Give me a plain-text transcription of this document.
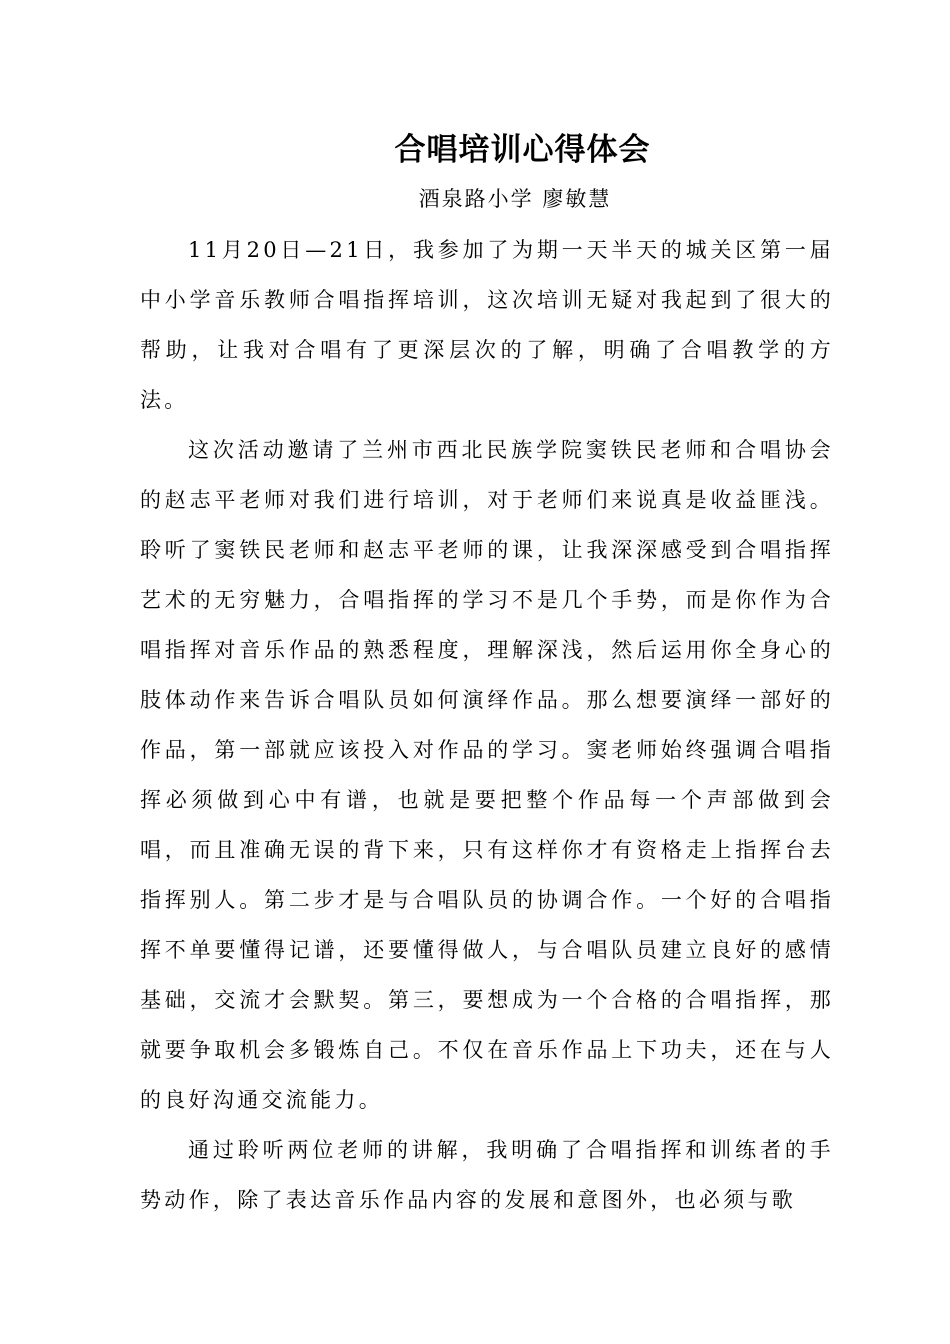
合唱培训心得体会
酒泉路小学 廖敏慧

11月20日—21日，我参加了为期一天半天的城关区第一届中小学音乐教师合唱指挥培训，这次培训无疑对我起到了很大的帮助，让我对合唱有了更深层次的了解，明确了合唱教学的方法。

这次活动邀请了兰州市西北民族学院窦铁民老师和合唱协会的赵志平老师对我们进行培训，对于老师们来说真是收益匪浅。聆听了窦铁民老师和赵志平老师的课，让我深深感受到合唱指挥艺术的无穷魅力，合唱指挥的学习不是几个手势，而是你作为合唱指挥对音乐作品的熟悉程度，理解深浅，然后运用你全身心的肢体动作来告诉合唱队员如何演绎作品。那么想要演绎一部好的作品，第一部就应该投入对作品的学习。窦老师始终强调合唱指挥必须做到心中有谱，也就是要把整个作品每一个声部做到会唱，而且准确无误的背下来，只有这样你才有资格走上指挥台去指挥别人。第二步才是与合唱队员的协调合作。一个好的合唱指挥不单要懂得记谱，还要懂得做人，与合唱队员建立良好的感情基础，交流才会默契。第三，要想成为一个合格的合唱指挥，那就要争取机会多锻炼自己。不仅在音乐作品上下功夫，还在与人的良好沟通交流能力。

通过聆听两位老师的讲解，我明确了合唱指挥和训练者的手势动作，除了表达音乐作品内容的发展和意图外，也必须与歌
